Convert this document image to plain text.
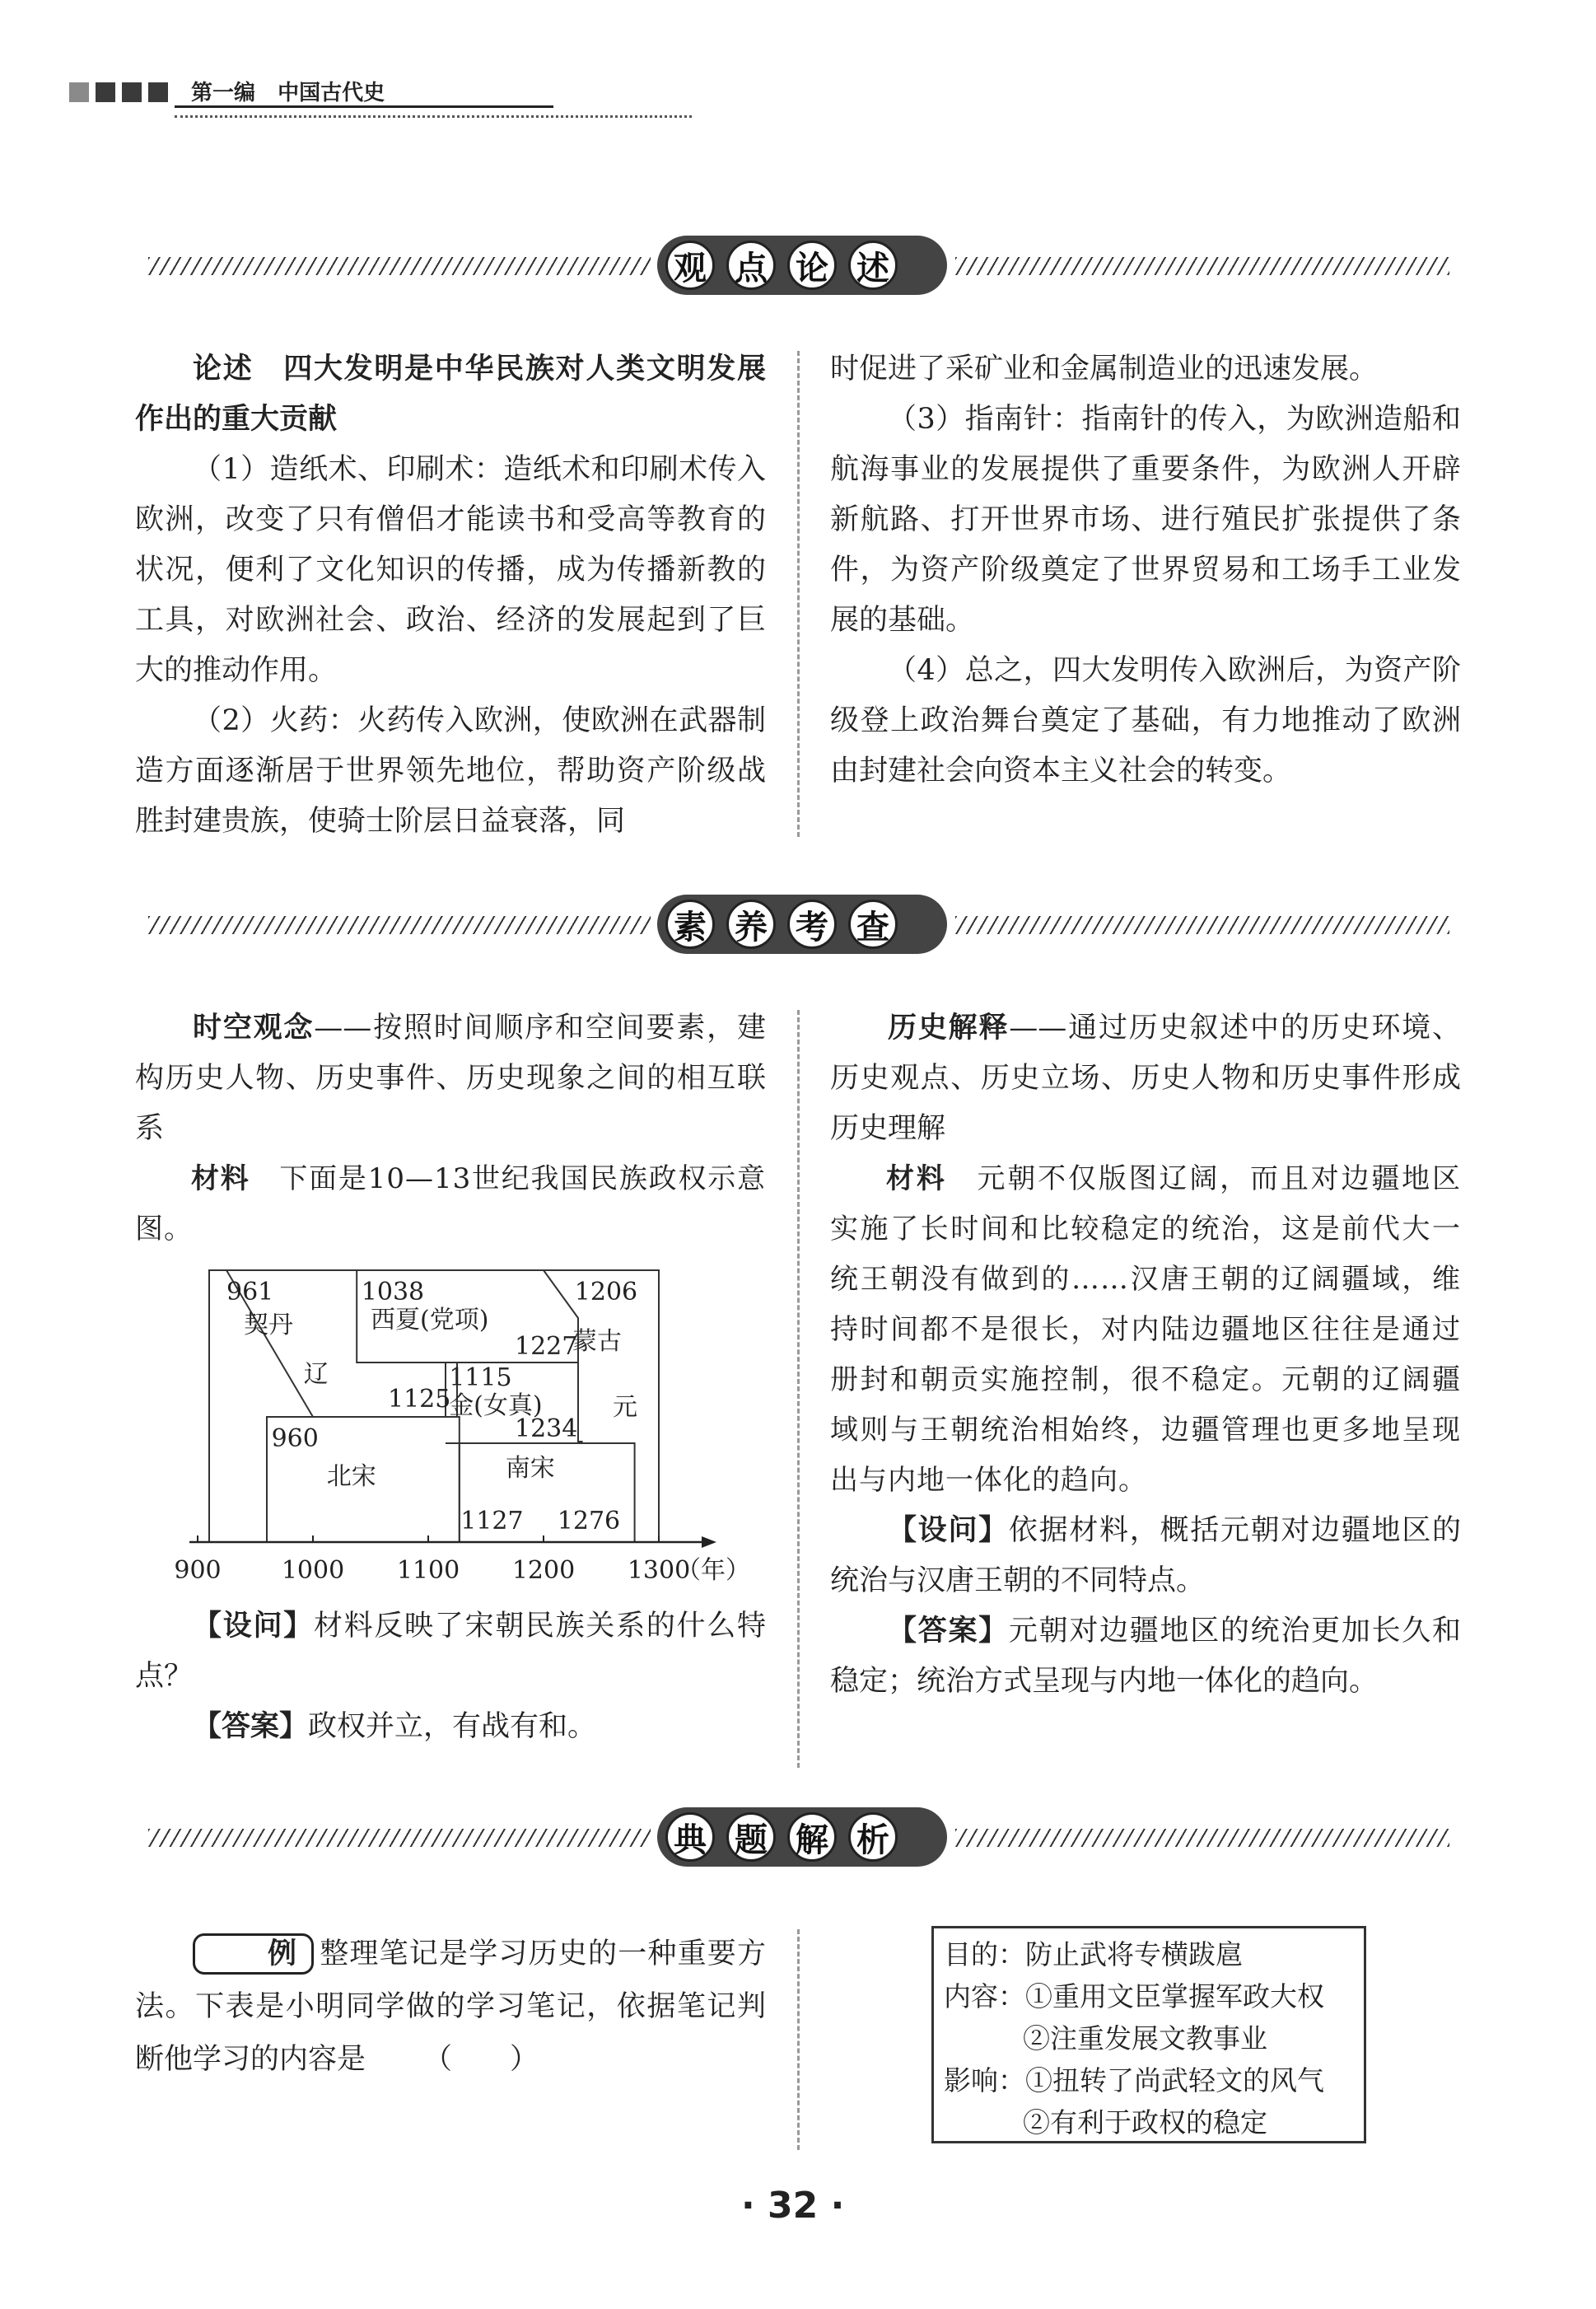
第一编 中国古代史
观 点 论 述

论述　 四大发明是中华民族对人类文明发展作出的重大贡献

（1）造纸术、印刷术：造纸术和印刷术传入欧洲，改变了只有僧侣才能读书和受高等教育的状况，便利了文化知识的传播，成为传播新教的工具，对欧洲社会、政治、经济的发展起到了巨大的推动作用。

（2）火药：火药传入欧洲，使欧洲在武器制造方面逐渐居于世界领先地位，帮助资产阶级战胜封建贵族，使骑士阶层日益衰落，同

时促进了采矿业和金属制造业的迅速发展。

（3）指南针：指南针的传入，为欧洲造船和航海事业的发展提供了重要条件，为欧洲人开辟新航路、打开世界市场、进行殖民扩张提供了条件，为资产阶级奠定了世界贸易和工场手工业发展的基础。

（4）总之，四大发明传入欧洲后，为资产阶级登上政治舞台奠定了基础，有力地推动了欧洲由封建社会向资本主义社会的转变。

素 养 考 查

时空观念——按照时间顺序和空间要素，建构历史人物、历史事件、历史现象之间的相互联系

材料　 下面是10—13世纪我国民族政权示意图。

900 1000 1100 1200 1300
（年）
961
契丹
辽
1125
1038
西夏(党项)
1227
1206
蒙古
元
1115
金(女真)
1234
960
北宋	南宋
1127 1276

【设问】材料反映了宋朝民族关系的什么特点？

【答案】政权并立，有战有和。

历史解释——通过历史叙述中的历史环境、历史观点、历史立场、历史人物和历史事件形成历史理解

材料　 元朝不仅版图辽阔，而且对边疆地区实施了长时间和比较稳定的统治，这是前代大一统王朝没有做到的……汉唐王朝的辽阔疆域，维持时间都不是很长，对内陆边疆地区往往是通过册封和朝贡实施控制，很不稳定。元朝的辽阔疆域则与王朝统治相始终，边疆管理也更多地呈现出与内地一体化的趋向。

【设问】依据材料，概括元朝对边疆地区的统治与汉唐王朝的不同特点。

【答案】元朝对边疆地区的统治更加长久和稳定；统治方式呈现与内地一体化的趋向。

典 题 解 析

例 整理笔记是学习历史的一种重要方法。下表是小明同学做的学习笔记，依据笔记判断他学习的内容是 （　　）

目的：防止武将专横跋扈
内容：①重用文臣掌握军政大权
②注重发展文教事业
影响：①扭转了尚武轻文的风气
②有利于政权的稳定
· 32 ·
